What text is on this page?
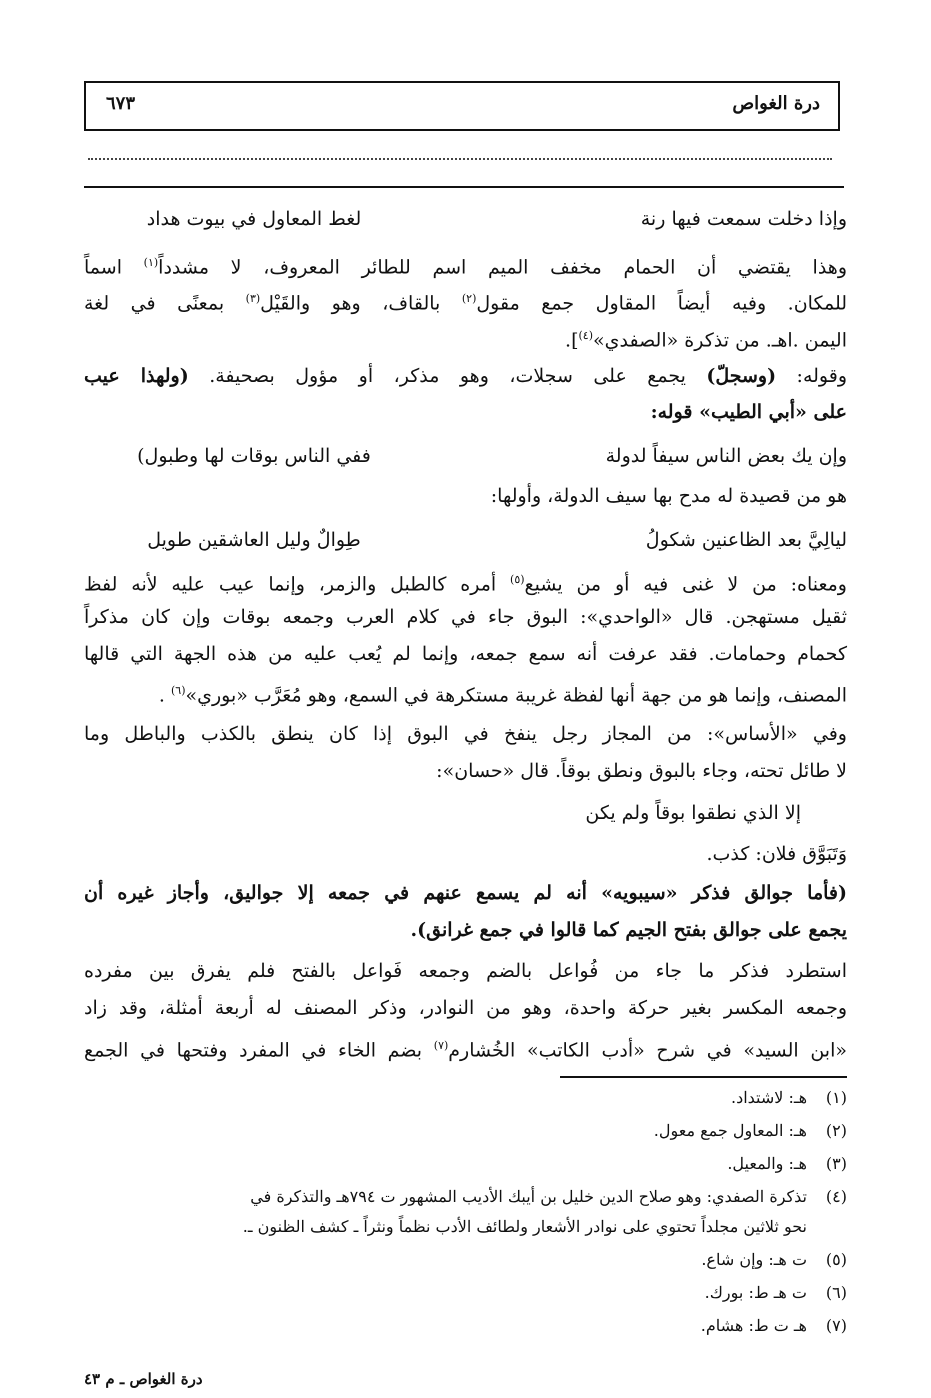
درة الغواص
٦٧٣
وإذا دخلت سمعت فيها رنة
لغط المعاول في بيوت هداد
وهذا يقتضي أن الحمام مخفف الميم اسم للطائر المعروف، لا مشدداً$^{(١)}$ اسماً
للمكان. وفيه أيضاً المقاول جمع مقول$^{(٢)}$ بالقاف، وهو والقَيْل$^{(٣)}$ بمعنًى في لغة
اليمن .اهـ. من تذكرة «الصفدي»$^{(٤)}$].
وقوله: (وسجلّ) يجمع على سجلات، وهو مذكر، أو مؤول بصحيفة. (ولهذا عيب
على «أبي الطيب» قوله:
وإن يك بعض الناس سيفاً لدولة
ففي الناس بوقات لها وطبول)
هو من قصيدة له مدح بها سيف الدولة، وأولها:
ليالِيَّ بعد الظاعنين شكولُ
طِوالٌ وليل العاشقين طويل
ومعناه: من لا غنى فيه أو من يشيع$^{(٥)}$ أمره كالطبل والزمر، وإنما عيب عليه لأنه لفظ
ثقيل مستهجن. قال «الواحدي»: البوق جاء في كلام العرب وجمعه بوقات وإن كان مذكراً
كحمام وحمامات. فقد عرفت أنه سمع جمعه، وإنما لم يُعب عليه من هذه الجهة التي قالها
المصنف، وإنما هو من جهة أنها لفظة غريبة مستكرهة في السمع، وهو مُعَرَّب «بوري»$^{(٦)}$ .
وفي «الأساس»: من المجاز رجل ينفخ في البوق إذا كان ينطق بالكذب والباطل وما
لا طائل تحته، وجاء بالبوق ونطق بوقاً. قال «حسان»:
إلا الذي نطقوا بوقاً ولم يكن
وَتَبَوَّق فلان: كذب.
(فأما جوالق فذكر «سيبويه» أنه لم يسمع عنهم في جمعه إلا جواليق، وأجاز غيره أن
يجمع على جوالق بفتح الجيم كما قالوا في جمع غرانق).
استطرد فذكر ما جاء من فُواعل بالضم وجمعه فَواعل بالفتح فلم يفرق بين مفرده
وجمعه المكسر بغير حركة واحدة، وهو من النوادر، وذكر المصنف له أربعة أمثلة، وقد زاد
«ابن السيد» في شرح «أدب الكاتب» الخُشارم$^{(٧)}$ بضم الخاء في المفرد وفتحها في الجمع
(١)هـ: لاشتداد.
(٢)هـ: المعاول جمع معول.
(٣)هـ: والمعيل.
(٤)تذكرة الصفدي: وهو صلاح الدين خليل بن أيبك الأديب المشهور ت ٧٩٤هـ والتذكرة في
نحو ثلاثين مجلداً تحتوي على نوادر الأشعار ولطائف الأدب نظماً ونثراً ـ كشف الظنون ـ.
(٥)ت هـ: وإن شاع.
(٦)ت هـ ط: بورك.
(٧)هـ ت ط: هشام.
درة الغواص ـ م ٤٣
